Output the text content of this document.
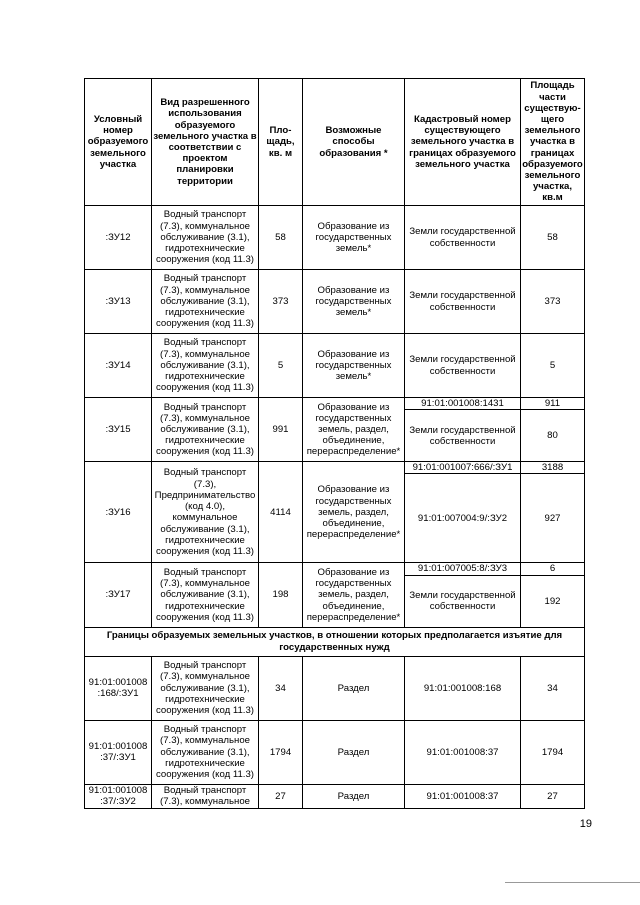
Условный номер образуемого земельного участка	Вид разрешенного использования образуемого земельного участка в соответствии с проектом планировки территории	Пло-щадь, кв. м	Возможные способы образования *	Кадастровый номер существующего земельного участка в границах образуемого земельного участка	Площадь части существую-щего земельного участка в границах образуемого земельного участка, кв.м
:ЗУ12	Водный транспорт (7.3), коммунальное обслуживание (3.1), гидротехнические сооружения (код 11.3)	58	Образование из государственных земель*	Земли государственной собственности	58
:ЗУ13	Водный транспорт (7.3), коммунальное обслуживание (3.1), гидротехнические сооружения (код 11.3)	373	Образование из государственных земель*	Земли государственной собственности	373
:ЗУ14	Водный транспорт (7.3), коммунальное обслуживание (3.1), гидротехнические сооружения (код 11.3)	5	Образование из государственных земель*	Земли государственной собственности	5
:ЗУ15	Водный транспорт (7.3), коммунальное обслуживание (3.1), гидротехнические сооружения (код 11.3)	991	Образование из государственных земель, раздел, объединение, перераспределение*	91:01:001008:1431	911
				Земли государственной собственности	80
:ЗУ16	Водный транспорт (7.3), Предпринимательство (код 4.0), коммунальное обслуживание (3.1), гидротехнические сооружения (код 11.3)	4114	Образование из государственных земель, раздел, объединение, перераспределение*	91:01:001007:666/:ЗУ1	3188
				91:01:007004:9/:ЗУ2	927
:ЗУ17	Водный транспорт (7.3), коммунальное обслуживание (3.1), гидротехнические сооружения (код 11.3)	198	Образование из государственных земель, раздел, объединение, перераспределение*	91:01:007005:8/:ЗУ3	6
				Земли государственной собственности	192
Границы образуемых земельных участков, в отношении которых предполагается изъятие для государственных нужд					
91:01:001008 :168/:ЗУ1	Водный транспорт (7.3), коммунальное обслуживание (3.1), гидротехнические сооружения (код 11.3)	34	Раздел	91:01:001008:168	34
91:01:001008 :37/:ЗУ1	Водный транспорт (7.3), коммунальное обслуживание (3.1), гидротехнические сооружения (код 11.3)	1794	Раздел	91:01:001008:37	1794
91:01:001008 :37/:ЗУ2	Водный транспорт (7.3), коммунальное	27	Раздел	91:01:001008:37	27
19
